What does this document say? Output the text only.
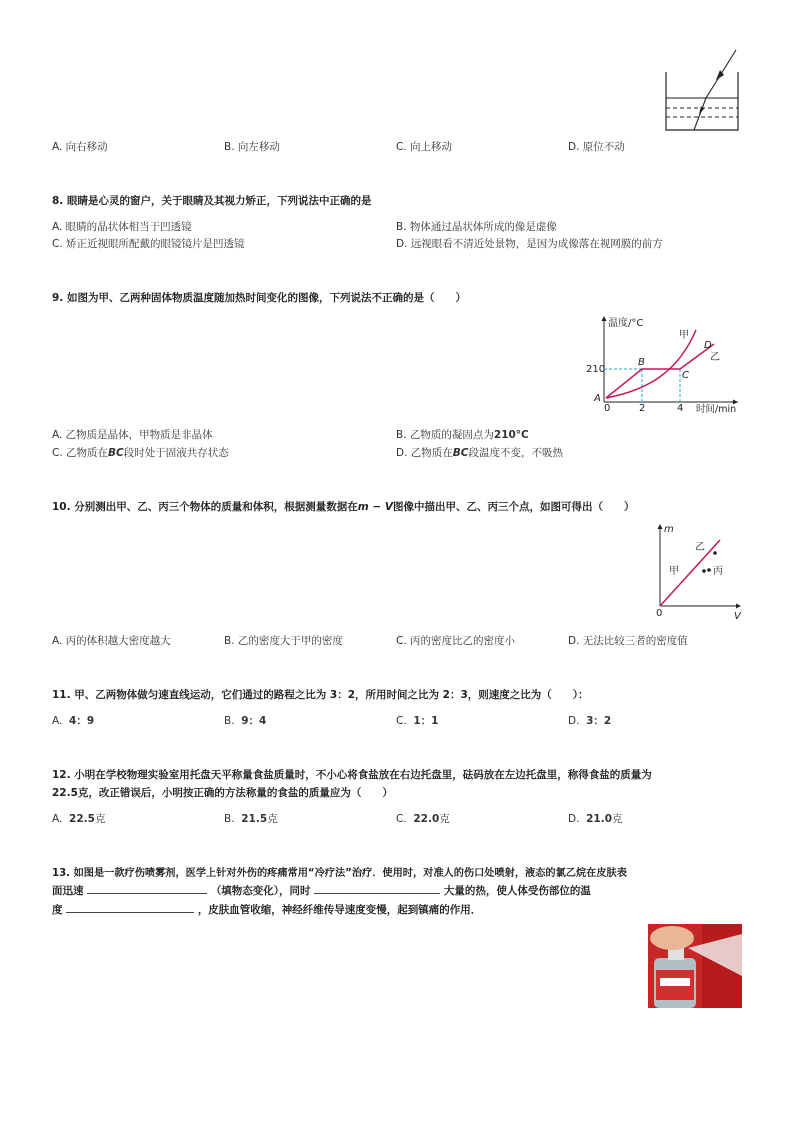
A. 向右移动	B. 向左移动	C. 向上移动	D. 原位不动
8. 眼睛是心灵的窗户，关于眼睛及其视力矫正，下列说法中正确的是
A. 眼睛的晶状体相当于凹透镜	B. 物体通过晶状体所成的像是虚像
C. 矫正近视眼所配戴的眼镜镜片是凹透镜	D. 远视眼看不清近处景物，是因为成像落在视网膜的前方
9. 如图为甲、乙两种固体物质温度随加热时间变化的图像，下列说法不正确的是（　　）
温度/°C
时间/min
210
0	2	4
A
B
C
D
甲
乙
A. 乙物质是晶体，甲物质是非晶体	B. 乙物质的凝固点为210°C
C. 乙物质在BC段时处于固液共存状态	D. 乙物质在BC段温度不变，不吸热
10. 分别测出甲、乙、丙三个物体的质量和体积，根据测量数据在m − V图像中描出甲、乙、丙三个点，如图可得出（　　）
m
V
0
乙
甲	丙
A. 丙的体积越大密度越大	B. 乙的密度大于甲的密度	C. 丙的密度比乙的密度小	D. 无法比较三者的密度值
11. 甲、乙两物体做匀速直线运动，它们通过的路程之比为 3：2，所用时间之比为 2：3，则速度之比为（　　）：
A. 4：9	B. 9：4	C. 1：1	D. 3：2
12. 小明在学校物理实验室用托盘天平称量食盐质量时，不小心将食盐放在右边托盘里，砝码放在左边托盘里，称得食盐的质量为
22.5克，改正错误后，小明按正确的方法称量的食盐的质量应为（　　）
A. 22.5克	B. 21.5克	C. 22.0克	D. 21.0克
13. 如图是一款疗伤喷雾剂，医学上针对外伤的疼痛常用“冷疗法”治疗．使用时，对准人的伤口处喷射，液态的氯乙烷在皮肤表
面迅速	（填物态变化），同时	大量的热，使人体受伤部位的温
度	，皮肤血管收缩，神经纤维传导速度变慢，起到镇痛的作用．
